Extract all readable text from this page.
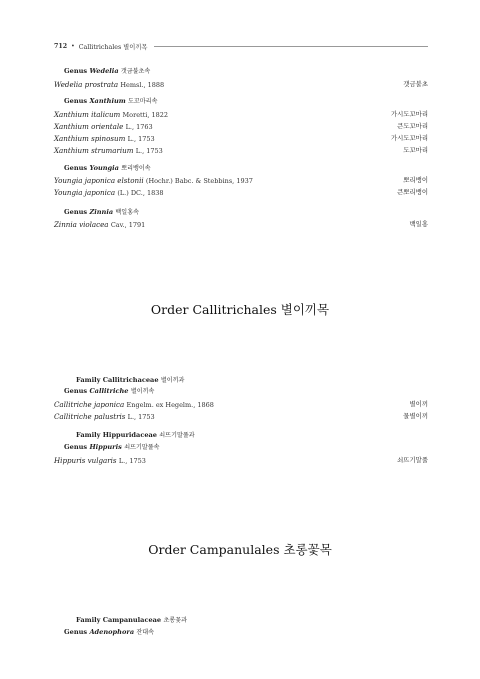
712 • Callitrichales 별이끼목
Genus Wedelia 갯금불초속
Wedelia prostrata Hemsl., 1888	갯금불초
Genus Xanthium 도꼬마리속
Xanthium italicum Moretti, 1822	가시도꼬마리
Xanthium orientale L., 1763	큰도꼬마리
Xanthium spinosum L., 1753	가시도꼬마리
Xanthium strumarium L., 1753	도꼬마리
Genus Youngia 뽀리뱅이속
Youngia japonica elstonii (Hochr.) Babc. & Stebbins, 1937	뽀리뱅이
Youngia japonica (L.) DC., 1838	큰뽀리뱅이
Genus Zinnia 백일홍속
Zinnia violacea Cav., 1791	백일홍
Order Callitrichales 별이끼목
Family Callitrichaceae 별이끼과
Genus Callitriche 별이끼속
Callitriche japonica Engelm. ex Hegelm., 1868	별이끼
Callitriche palustris L., 1753	물별이끼
Family Hippuridaceae 쇠뜨기말풀과
Genus Hippuris 쇠뜨기말풀속
Hippuris vulgaris L., 1753	쇠뜨기말풀
Order Campanulales 초롱꽃목
Family Campanulaceae 초롱꽃과
Genus Adenophora 잔대속
